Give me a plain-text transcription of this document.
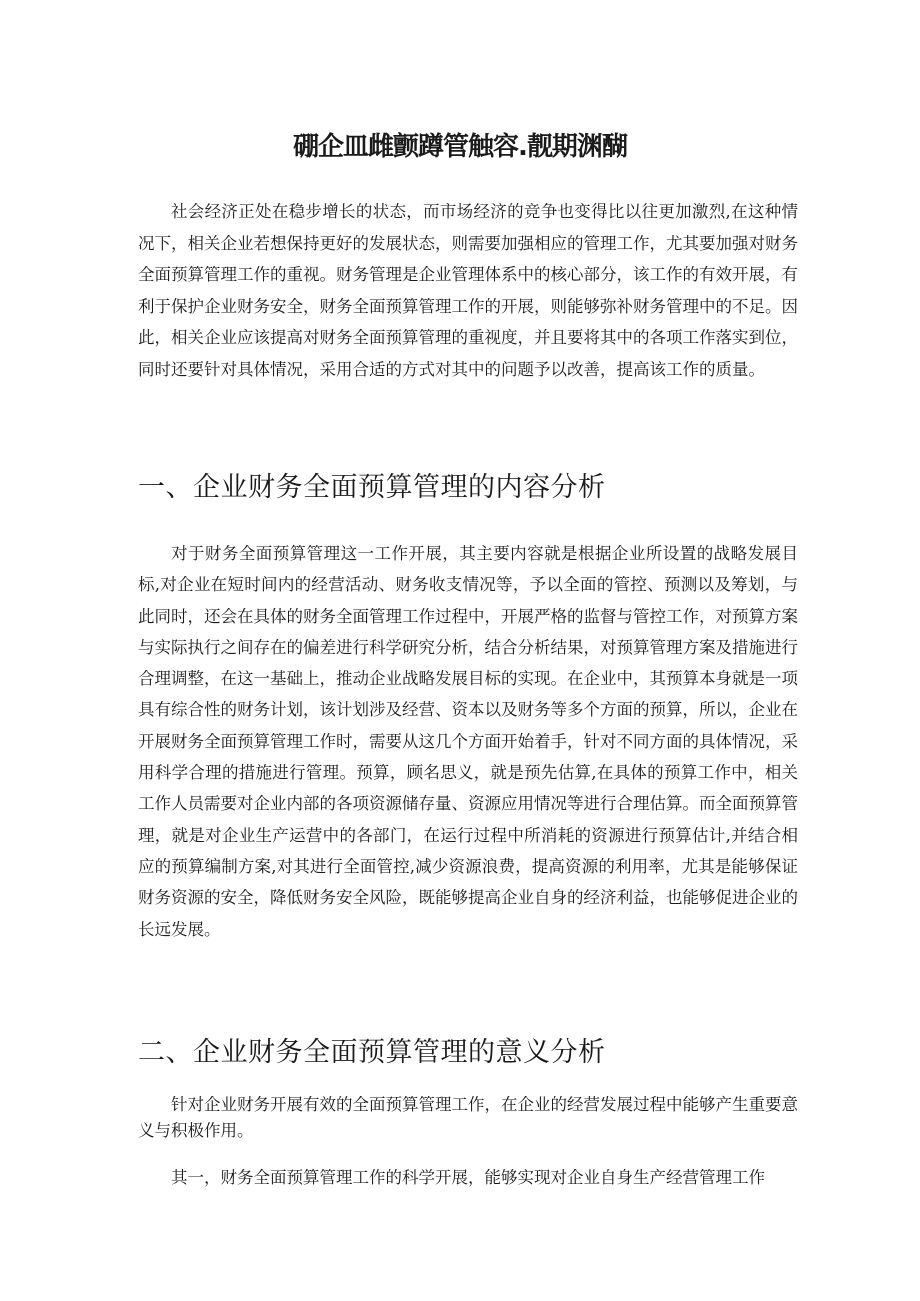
硼企皿雌颤蹲管触容.靓期渊醐

社会经济正处在稳步增长的状态，而市场经济的竞争也变得比以往更加激烈,在这种情况下，相关企业若想保持更好的发展状态，则需要加强相应的管理工作，尤其要加强对财务全面预算管理工作的重视。财务管理是企业管理体系中的核心部分，该工作的有效开展，有利于保护企业财务安全，财务全面预算管理工作的开展，则能够弥补财务管理中的不足。因此，相关企业应该提高对财务全面预算管理的重视度，并且要将其中的各项工作落实到位，同时还要针对具体情况，采用合适的方式对其中的问题予以改善，提高该工作的质量。

一、企业财务全面预算管理的内容分析

对于财务全面预算管理这一工作开展，其主要内容就是根据企业所设置的战略发展目标,对企业在短时间内的经营活动、财务收支情况等，予以全面的管控、预测以及筹划，与此同时，还会在具体的财务全面管理工作过程中，开展严格的监督与管控工作，对预算方案与实际执行之间存在的偏差进行科学研究分析，结合分析结果，对预算管理方案及措施进行合理调整，在这一基础上，推动企业战略发展目标的实现。在企业中，其预算本身就是一项具有综合性的财务计划，该计划涉及经营、资本以及财务等多个方面的预算，所以，企业在开展财务全面预算管理工作时，需要从这几个方面开始着手，针对不同方面的具体情况，采用科学合理的措施进行管理。预算，顾名思义，就是预先估算,在具体的预算工作中，相关工作人员需要对企业内部的各项资源储存量、资源应用情况等进行合理估算。而全面预算管理，就是对企业生产运营中的各部门，在运行过程中所消耗的资源进行预算估计,并结合相应的预算编制方案,对其进行全面管控,减少资源浪费，提高资源的利用率，尤其是能够保证财务资源的安全，降低财务安全风险，既能够提高企业自身的经济利益，也能够促进企业的长远发展。

二、企业财务全面预算管理的意义分析

针对企业财务开展有效的全面预算管理工作，在企业的经营发展过程中能够产生重要意义与积极作用。

其一，财务全面预算管理工作的科学开展，能够实现对企业自身生产经营管理工作
